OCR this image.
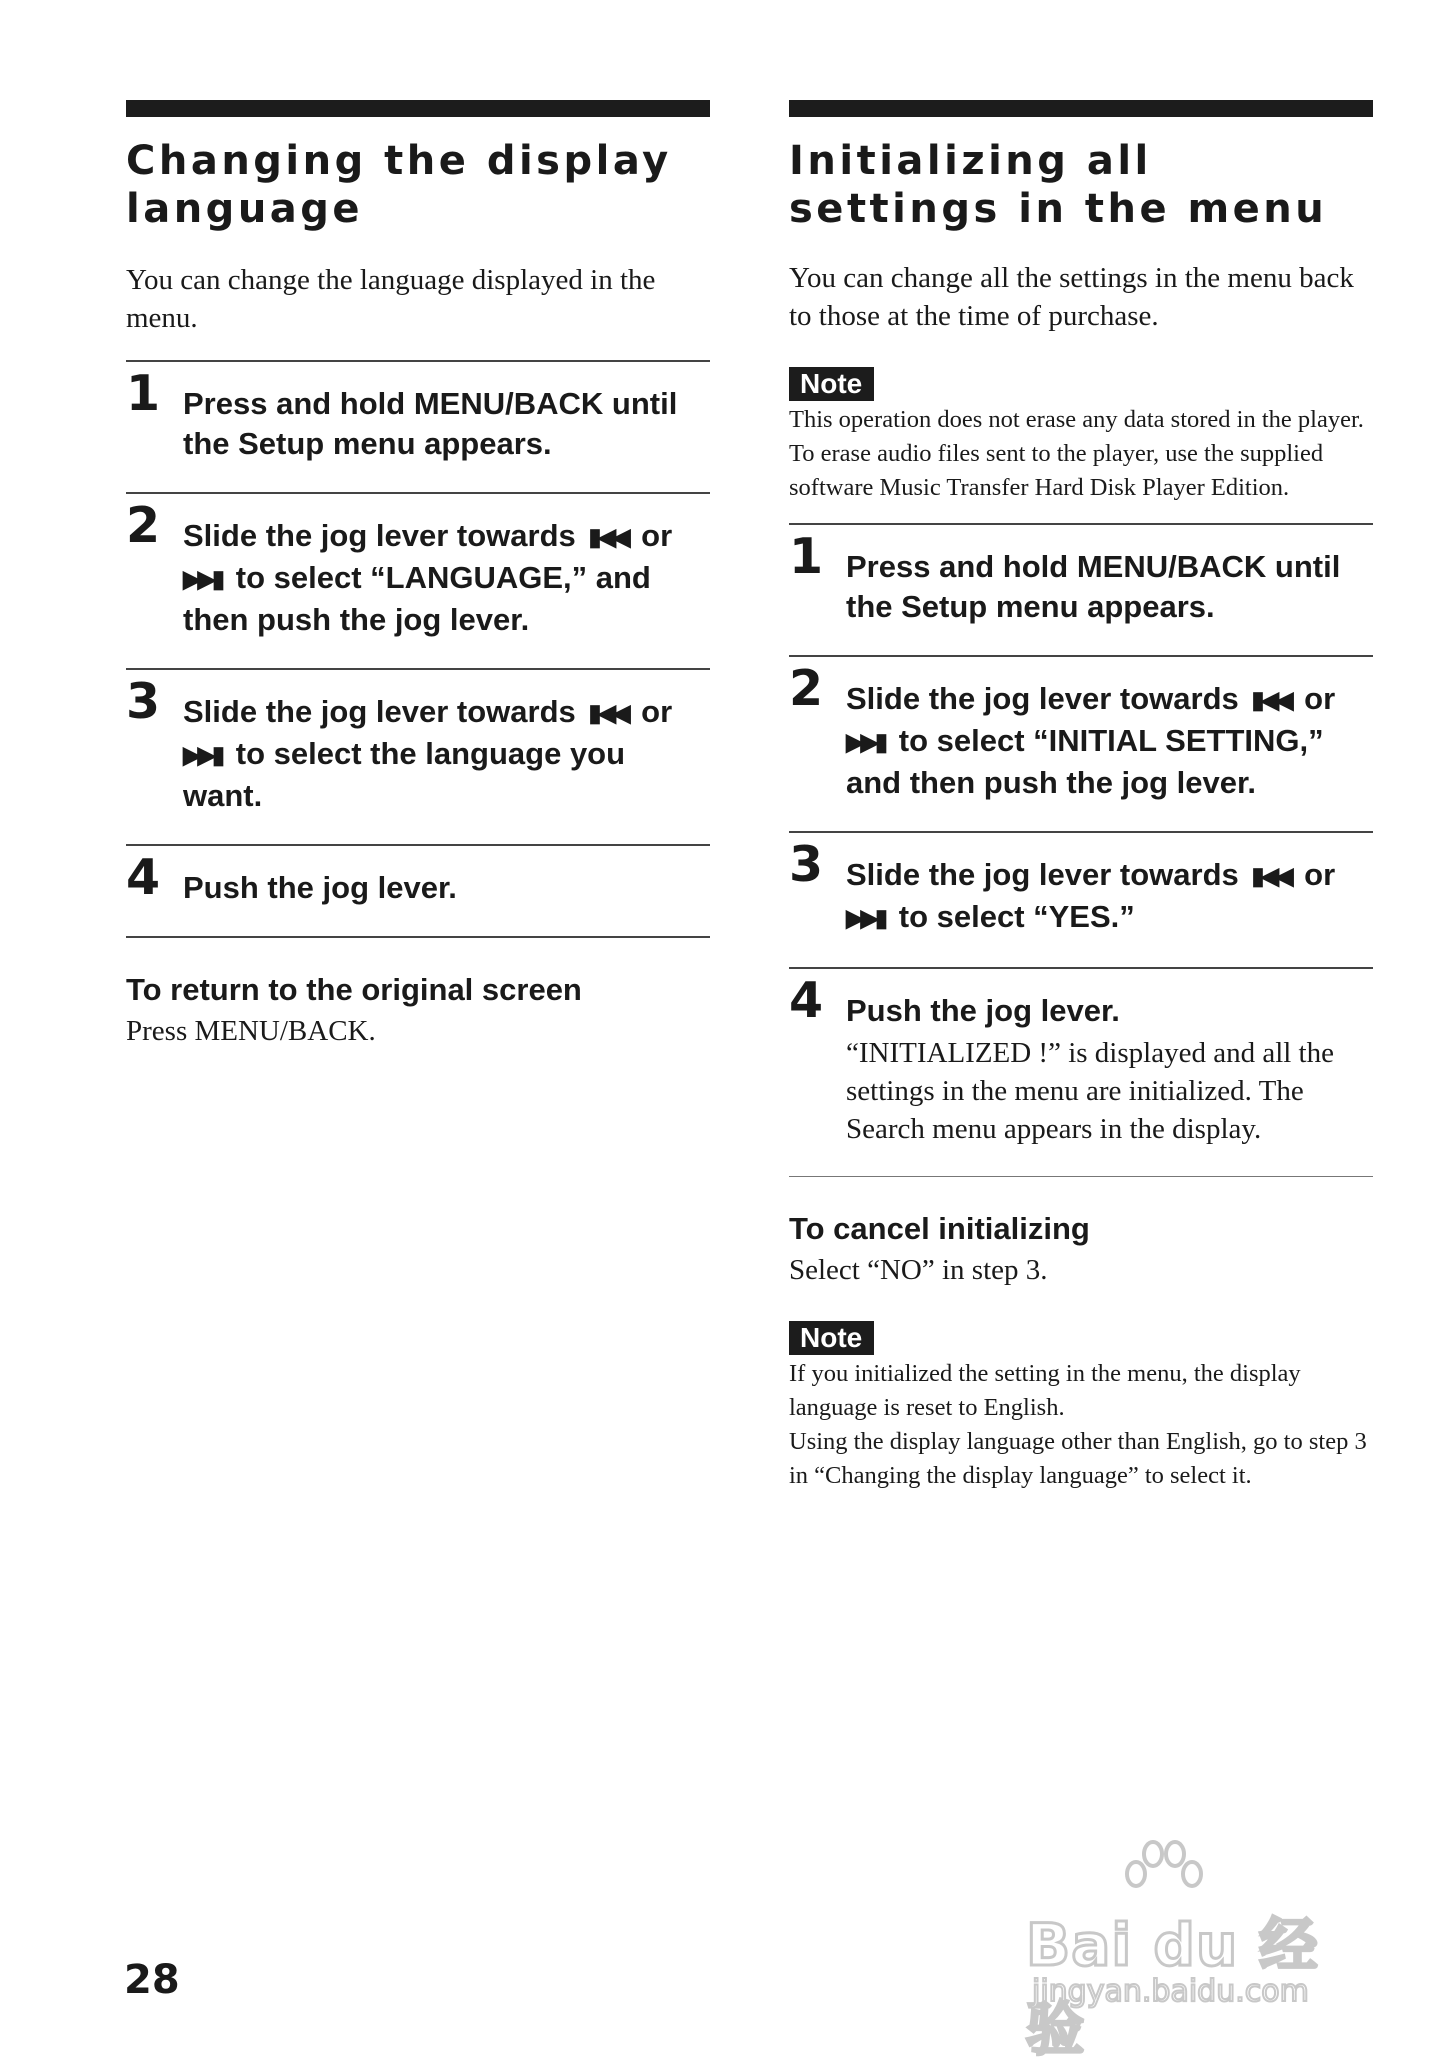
Changing the display language

You can change the language displayed in the menu.

1 Press and hold MENU/BACK until the Setup menu appears.
2 Slide the jog lever towards ▮◀◀ or ▶▶▮ to select “LANGUAGE,” and then push the jog lever.
3 Slide the jog lever towards ▮◀◀ or ▶▶▮ to select the language you want.
4 Push the jog lever.
To return to the original screen

Press MENU/BACK.

Initializing all settings in the menu

You can change all the settings in the menu back to those at the time of purchase.

Note

This operation does not erase any data stored in the player. To erase audio files sent to the player, use the supplied software Music Transfer Hard Disk Player Edition.

1 Press and hold MENU/BACK until the Setup menu appears.
2 Slide the jog lever towards ▮◀◀ or ▶▶▮ to select “INITIAL SETTING,” and then push the jog lever.
3 Slide the jog lever towards ▮◀◀ or ▶▶▮ to select “YES.”
4 Push the jog lever.
“INITIALIZED !” is displayed and all the settings in the menu are initialized. The Search menu appears in the display.
To cancel initializing

Select “NO” in step 3.

Note

If you initialized the setting in the menu, the display language is reset to English.
Using the display language other than English, go to step 3 in “Changing the display language” to select it.

28
Bai du 经验
jingyan.baidu.com
